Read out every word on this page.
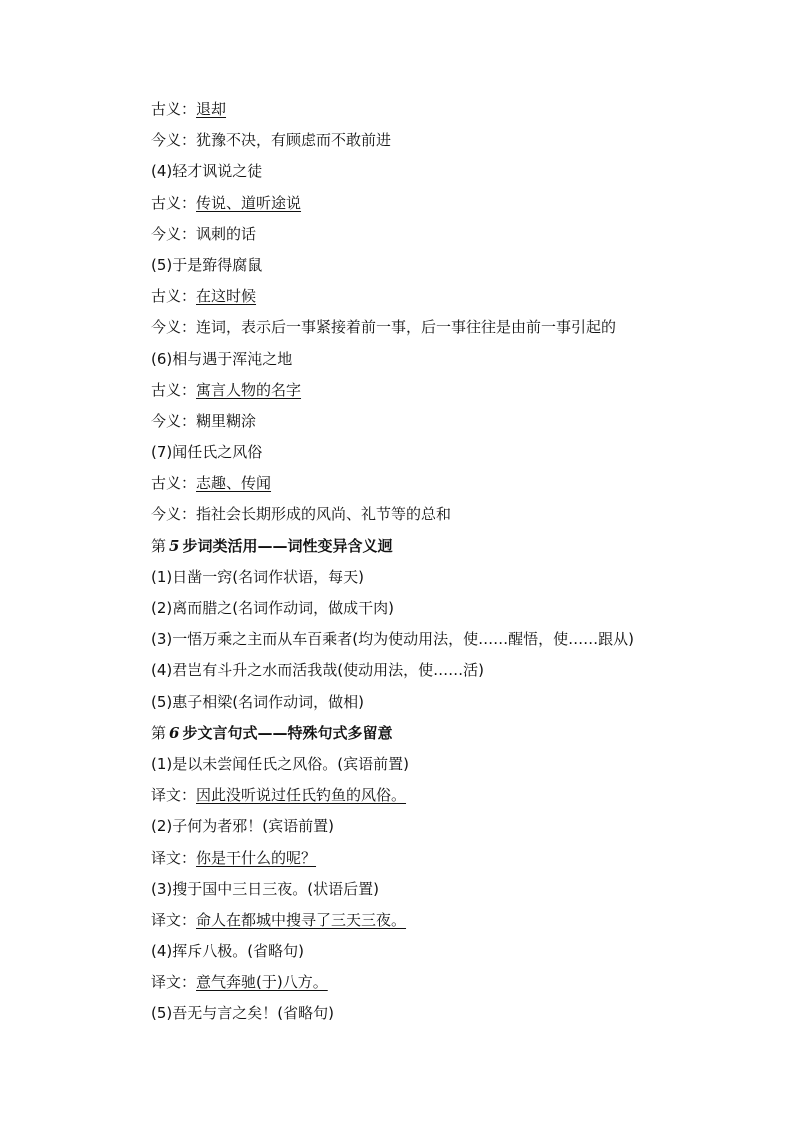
古义：退却
今义：犹豫不决，有顾虑而不敢前进
(4)轻才讽说之徒
古义：传说、道听途说
今义：讽刺的话
(5)于是臶得腐鼠
古义：在这时候
今义：连词，表示后一事紧接着前一事，后一事往往是由前一事引起的
(6)相与遇于浑沌之地
古义：寓言人物的名字
今义：糊里糊涂
(7)闻任氏之风俗
古义：志趣、传闻
今义：指社会长期形成的风尚、礼节等的总和
第 5 步词类活用——词性变异含义迥
(1)日凿一窍(名词作状语，每天)
(2)离而腊之(名词作动词，做成干肉)
(3)一悟万乘之主而从车百乘者(均为使动用法，使……醒悟，使……跟从)
(4)君岂有斗升之水而活我哉(使动用法，使……活)
(5)惠子相梁(名词作动词，做相)
第 6 步文言句式——特殊句式多留意
(1)是以未尝闻任氏之风俗。(宾语前置)
译文：因此没听说过任氏钓鱼的风俗。
(2)子何为者邪！(宾语前置)
译文：你是干什么的呢？
(3)搜于国中三日三夜。(状语后置)
译文：命人在都城中搜寻了三天三夜。
(4)挥斥八极。(省略句)
译文：意气奔驰(于)八方。
(5)吾无与言之矣！(省略句)
